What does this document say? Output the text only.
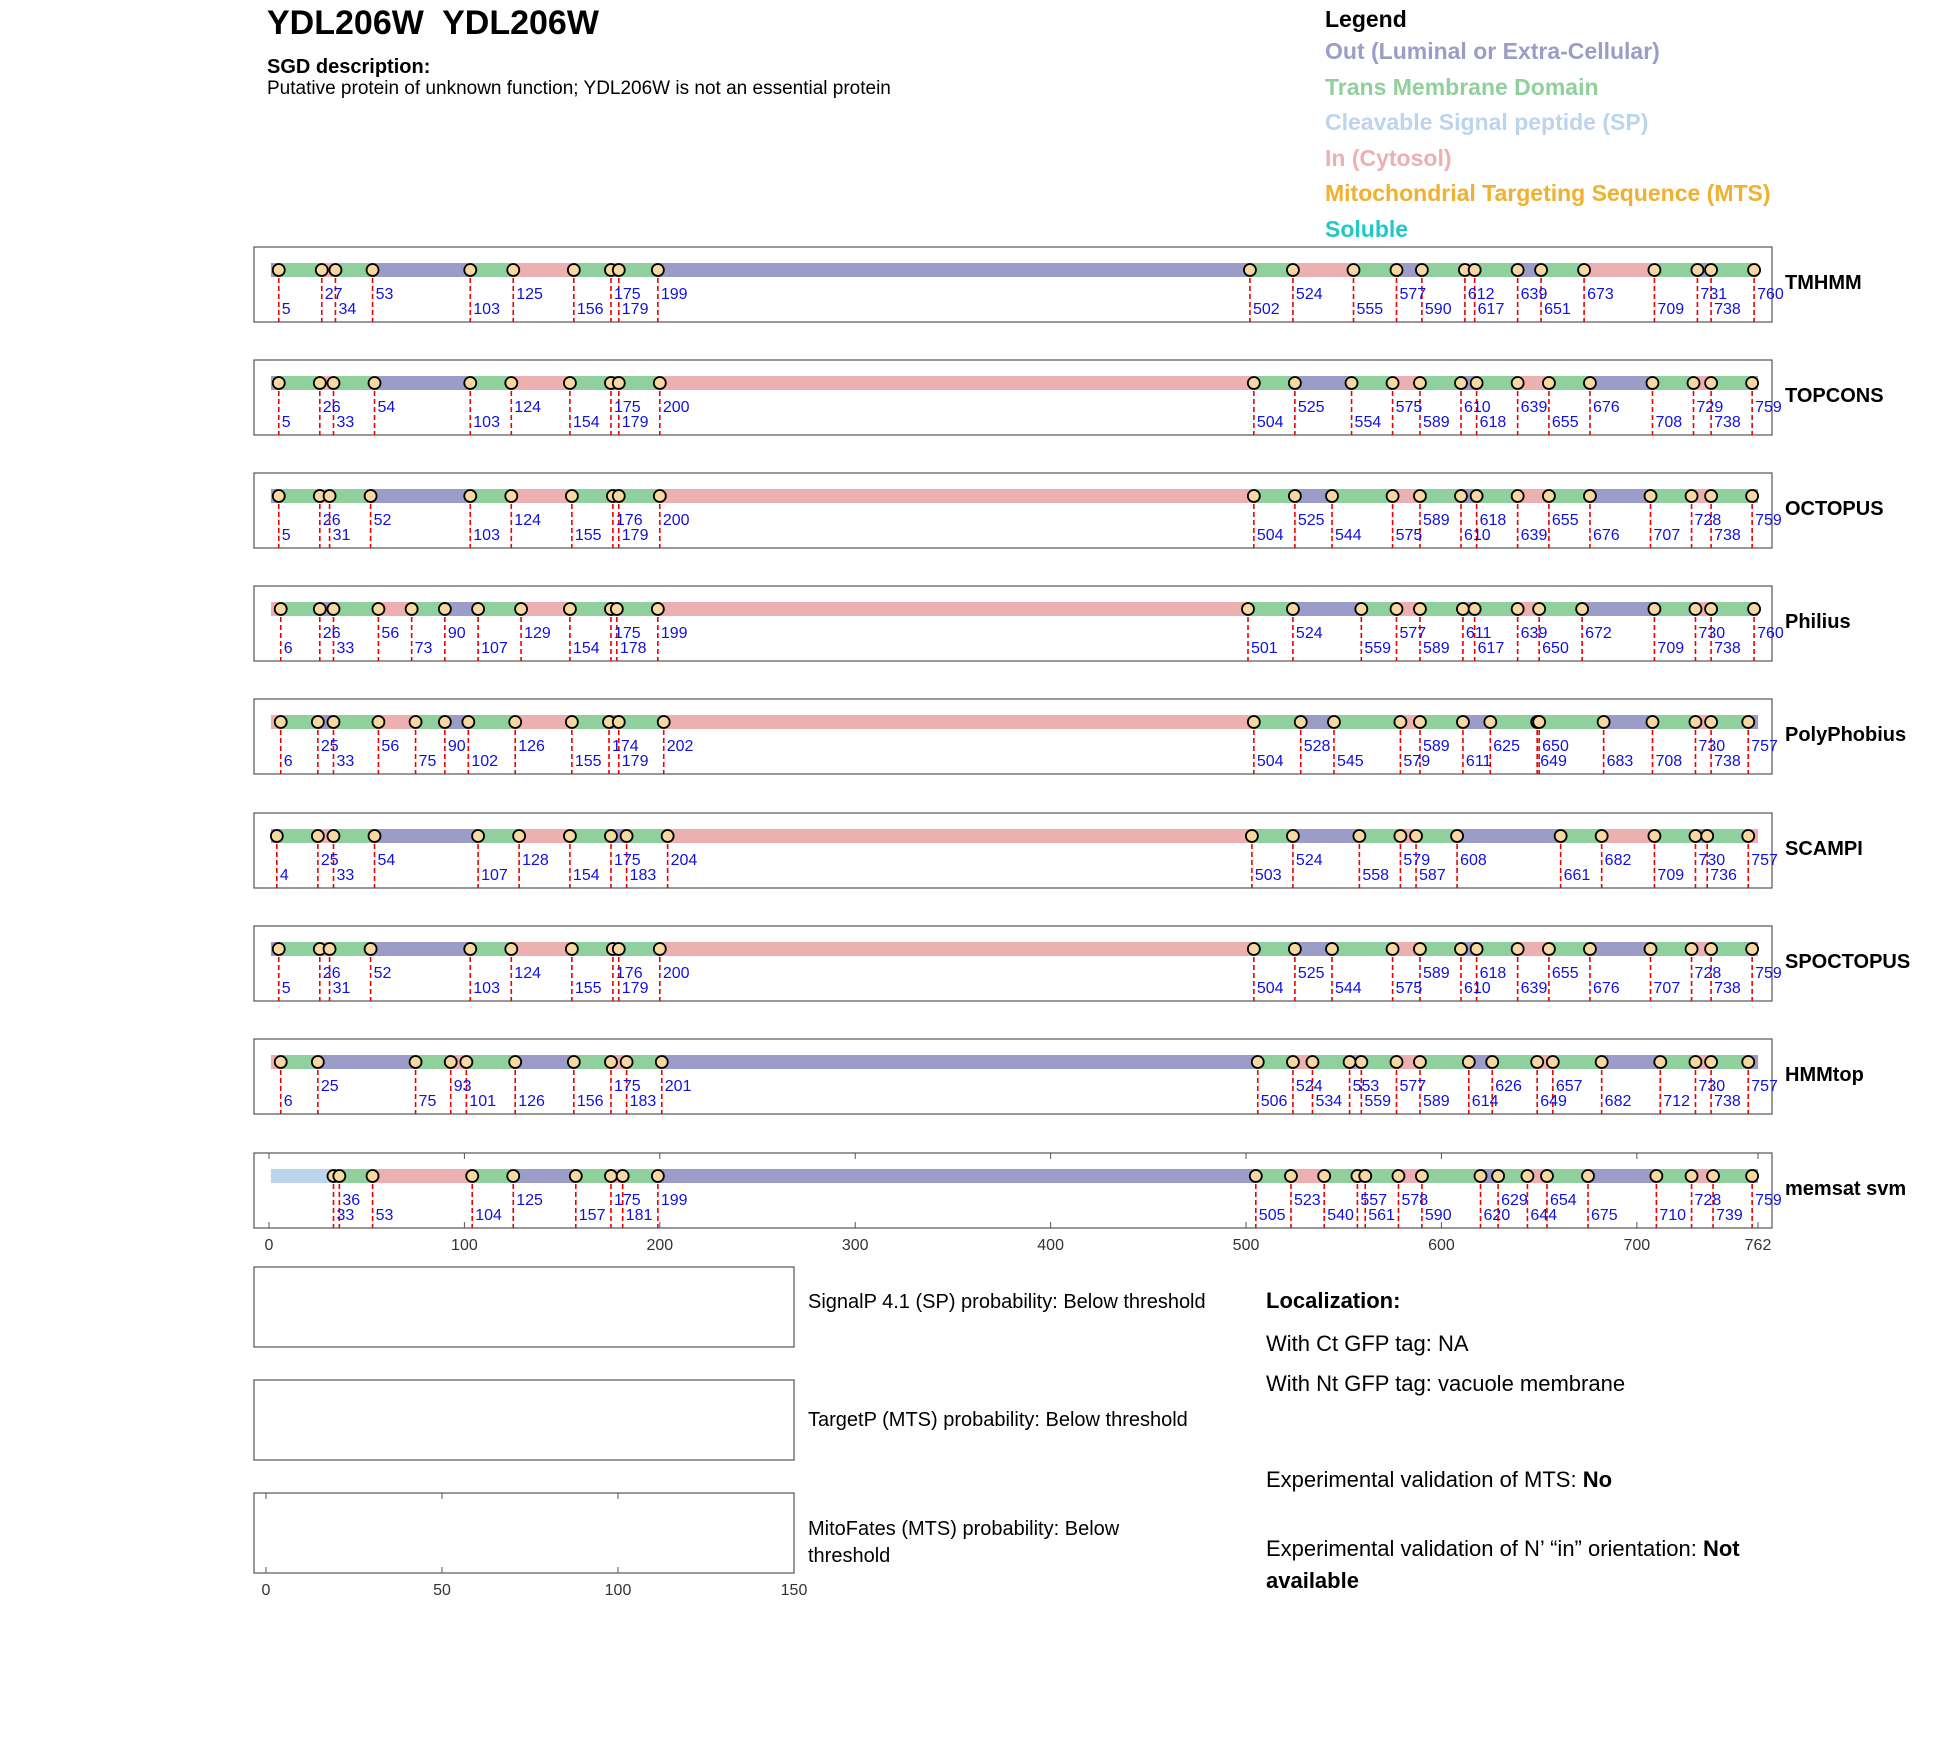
YDL206W  YDL206W
SGD description:
Putative protein of unknown function; YDL206W is not an essential protein
Legend
Out (Luminal or Extra-Cellular)
Trans Membrane Domain
Cleavable Signal peptide (SP)
In (Cytosol)
Mitochondrial Targeting Sequence (MTS)
Soluble
27 53	125	175 199	524	577	612 639 673	731 760
5	34	103	156 179	502	555	590 617 651	709 738
TMHMM
26 54	124	175 200	525	575	610 639	676	729 759
5	33	103	154 179	504	554	589 618	655	708 738
TOPCONS
26 52	124	176 200	525	589 618	655	728 759
5	31	103	155 179	504	544 575	610 639	676 707 738
OCTOPUS
26	56	90	129	175 199	524	577 611 639 672	730 760
6	33	73	107	154 178	501	559 589 617 650	709 738
Philius
25	56	90	126	174 202	528	589	625 650	730 757
6	33	75 102	155 179	504	545 579 611	649 683 708 738
PolyPhobius
25 54	128	175 204	524	579 608	682	730 757
4	33	107	154 183	503	558 587	661	709 736
SCAMPI
26 52	124	176 200	525	589 618	655	728 759
5	31	103	155 179	504	544 575	610 639	676 707 738
SPOCTOPUS
25	93	175 201	524 553 577	626 657	730 757
6	75 101 126 156 183	506 534 559 589 614	649 682 712 738
HMMtop
36	125	175 199	523 557 578	629 654	728 759
33 53	104	157 181	505	540 561 590 620 644 675	710 739
memsat svm
0	100	200	300	400	500	600	700	762
0	50	100	150
SignalP 4.1 (SP) probability: Below threshold
TargetP (MTS) probability: Below threshold
MitoFates (MTS) probability: Below threshold
Localization:
With Ct GFP tag: NA
With Nt GFP tag: vacuole membrane
Experimental validation of MTS: No
Experimental validation of N’ “in” orientation: Not available
